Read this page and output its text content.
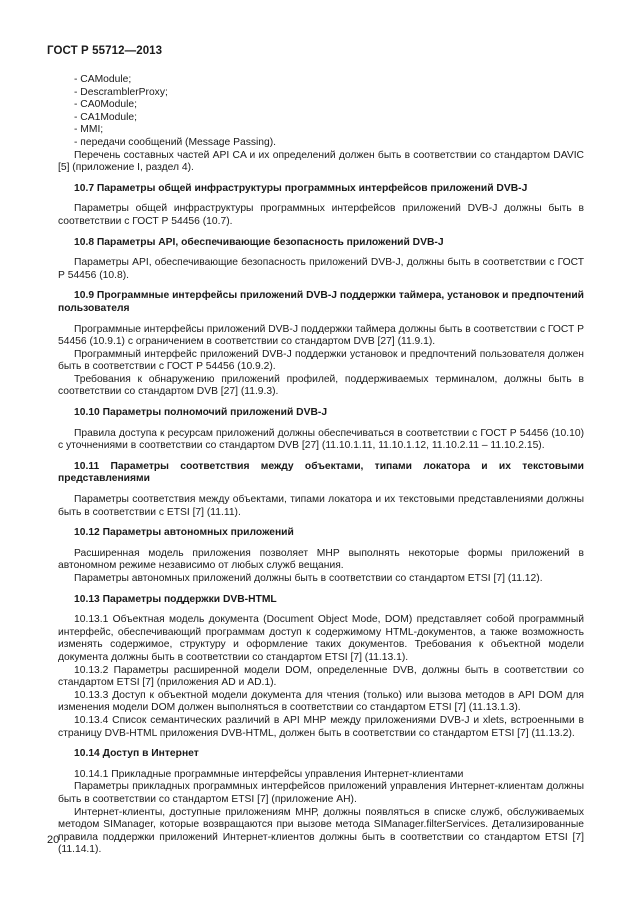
ГОСТ Р 55712—2013

- CAModule;

- DescramblerProxy;

- CA0Module;

- CA1Module;

- MMI;

- передачи сообщений (Message Passing).

Перечень составных частей API CA и их определений должен быть в соответствии со стандартом DAVIC [5] (приложение I, раздел 4).

10.7 Параметры общей инфраструктуры программных интерфейсов приложений DVB-J

Параметры общей инфраструктуры программных интерфейсов приложений DVB-J должны быть в соответствии с ГОСТ Р 54456 (10.7).

10.8 Параметры API, обеспечивающие безопасность приложений DVB-J

Параметры API, обеспечивающие безопасность приложений DVB-J, должны быть в соответствии с ГОСТ Р 54456 (10.8).

10.9 Программные интерфейсы приложений DVB-J поддержки таймера, установок и предпочтений пользователя

Программные интерфейсы приложений DVB-J поддержки таймера должны быть в соответствии с ГОСТ Р 54456 (10.9.1) с ограничением в соответствии со стандартом DVB [27] (11.9.1).

Программный интерфейс приложений DVB-J поддержки установок и предпочтений пользователя должен быть в соответствии с ГОСТ Р 54456 (10.9.2).

Требования к обнаружению приложений профилей, поддерживаемых терминалом, должны быть в соответствии со стандартом DVB [27] (11.9.3).

10.10 Параметры полномочий приложений DVB-J

Правила доступа к ресурсам приложений должны обеспечиваться в соответствии с ГОСТ Р 54456 (10.10) с уточнениями в соответствии со стандартом DVB [27] (11.10.1.11, 11.10.1.12, 11.10.2.11 – 11.10.2.15).

10.11 Параметры соответствия между объектами, типами локатора и их текстовыми представлениями

Параметры соответствия между объектами, типами локатора и их текстовыми представлениями должны быть в соответствии с ETSI [7] (11.11).

10.12 Параметры автономных приложений

Расширенная модель приложения позволяет МНР выполнять некоторые формы приложений в автономном режиме независимо от любых служб вещания.

Параметры автономных приложений должны быть в соответствии со стандартом ETSI [7] (11.12).

10.13 Параметры поддержки DVB-HTML

10.13.1 Объектная модель документа (Document Object Mode, DOM) представляет собой программный интерфейс, обеспечивающий программам доступ к содержимому HTML-документов, а также возможность изменять содержимое, структуру и оформление таких документов. Требования к объектной модели документа должны быть в соответствии со стандартом ETSI [7] (11.13.1).

10.13.2 Параметры расширенной модели DOM, определенные DVB, должны быть в соответствии со стандартом ETSI [7] (приложения AD и AD.1).

10.13.3 Доступ к объектной модели документа для чтения (только) или вызова методов в API DOM для изменения модели DOM должен выполняться в соответствии со стандартом ETSI [7] (11.13.1.3).

10.13.4 Список семантических различий в API МНР между приложениями DVB-J и xlets, встроенными в страницу DVB-HTML приложения DVB-HTML, должен быть в соответствии со стандартом ETSI [7] (11.13.2).

10.14 Доступ в Интернет

10.14.1 Прикладные программные интерфейсы управления Интернет-клиентами

Параметры прикладных программных интерфейсов приложений управления Интернет-клиентам должны быть в соответствии со стандартом ETSI [7] (приложение АН).

Интернет-клиенты, доступные приложениям МНР, должны появляться в списке служб, обслуживаемых методом SIManager, которые возвращаются при вызове метода SIManager.filterServices. Детализированные правила поддержки приложений Интернет-клиентов должны быть в соответствии со стандартом ETSI [7] (11.14.1).

20
